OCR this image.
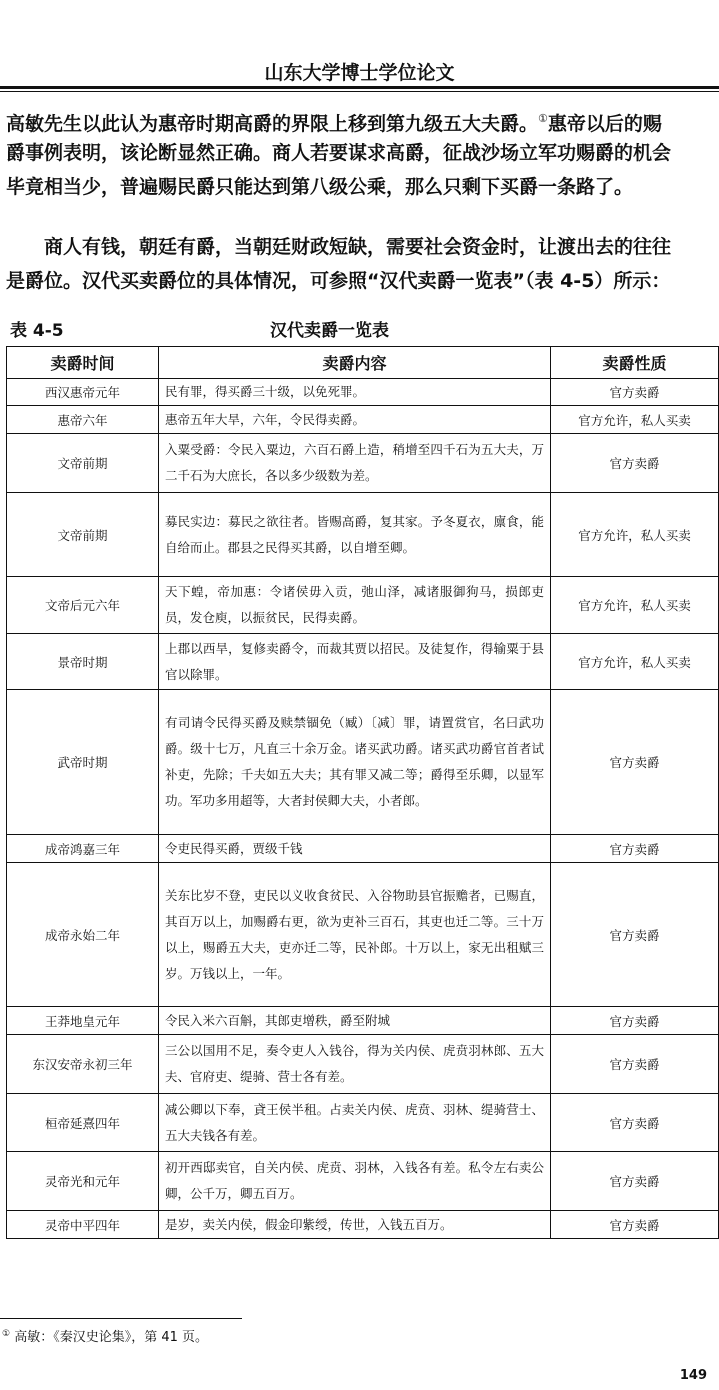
山东大学博士学位论文
高敏先生以此认为惠帝时期高爵的界限上移到第九级五大夫爵。①惠帝以后的赐
爵事例表明，该论断显然正确。商人若要谋求高爵，征战沙场立军功赐爵的机会
毕竟相当少，普遍赐民爵只能达到第八级公乘，那么只剩下买爵一条路了。
　　商人有钱，朝廷有爵，当朝廷财政短缺，需要社会资金时，让渡出去的往往
是爵位。汉代买卖爵位的具体情况，可参照“汉代卖爵一览表”（表 4-5）所示：
表 4-5	汉代卖爵一览表
卖爵时间	卖爵内容	卖爵性质
西汉惠帝元年	民有罪，得买爵三十级，以免死罪。	官方卖爵
惠帝六年	惠帝五年大旱，六年，令民得卖爵。	官方允许，私人买卖
文帝前期	入粟受爵：令民入粟边，六百石爵上造，稍增至四千石为五大夫，万二千石为大庶长，各以多少级数为差。	官方卖爵
文帝前期	募民实边：募民之欲往者。皆赐高爵，复其家。予冬夏衣，廪食，能自给而止。郡县之民得买其爵，以自增至卿。	官方允许，私人买卖
文帝后元六年	天下蝗，帝加惠：令诸侯毋入贡，弛山泽，减诸服御狗马，损郎吏员，发仓庾，以振贫民，民得卖爵。	官方允许，私人买卖
景帝时期	上郡以西旱，复修卖爵令，而裁其贾以招民。及徒复作，得输粟于县官以除罪。	官方允许，私人买卖
武帝时期	有司请令民得买爵及赎禁锢免（臧）〔减〕罪，请置赏官，名曰武功爵。级十七万，凡直三十余万金。诸买武功爵。诸买武功爵官首者试补吏，先除；千夫如五大夫；其有罪又减二等；爵得至乐卿，以显军功。军功多用超等，大者封侯卿大夫，小者郎。	官方卖爵
成帝鸿嘉三年	令吏民得买爵，贾级千钱	官方卖爵
成帝永始二年	关东比岁不登，吏民以义收食贫民、入谷物助县官振赡者，已赐直，其百万以上，加赐爵右更，欲为吏补三百石，其吏也迁二等。三十万以上，赐爵五大夫，吏亦迁二等，民补郎。十万以上，家无出租赋三岁。万钱以上，一年。	官方卖爵
王莽地皇元年	令民入米六百斛，其郎吏增秩，爵至附城	官方卖爵
东汉安帝永初三年	三公以国用不足，奏令吏人入钱谷，得为关内侯、虎贲羽林郎、五大夫、官府吏、缇骑、营士各有差。	官方卖爵
桓帝延熹四年	减公卿以下奉，貣王侯半租。占卖关内侯、虎贲、羽林、缇骑营士、五大夫钱各有差。	官方卖爵
灵帝光和元年	初开西邸卖官，自关内侯、虎贲、羽林，入钱各有差。私令左右卖公卿，公千万，卿五百万。	官方卖爵
灵帝中平四年	是岁，卖关内侯，假金印紫绶，传世，入钱五百万。	官方卖爵
① 高敏：《秦汉史论集》，第 41 页。
149
